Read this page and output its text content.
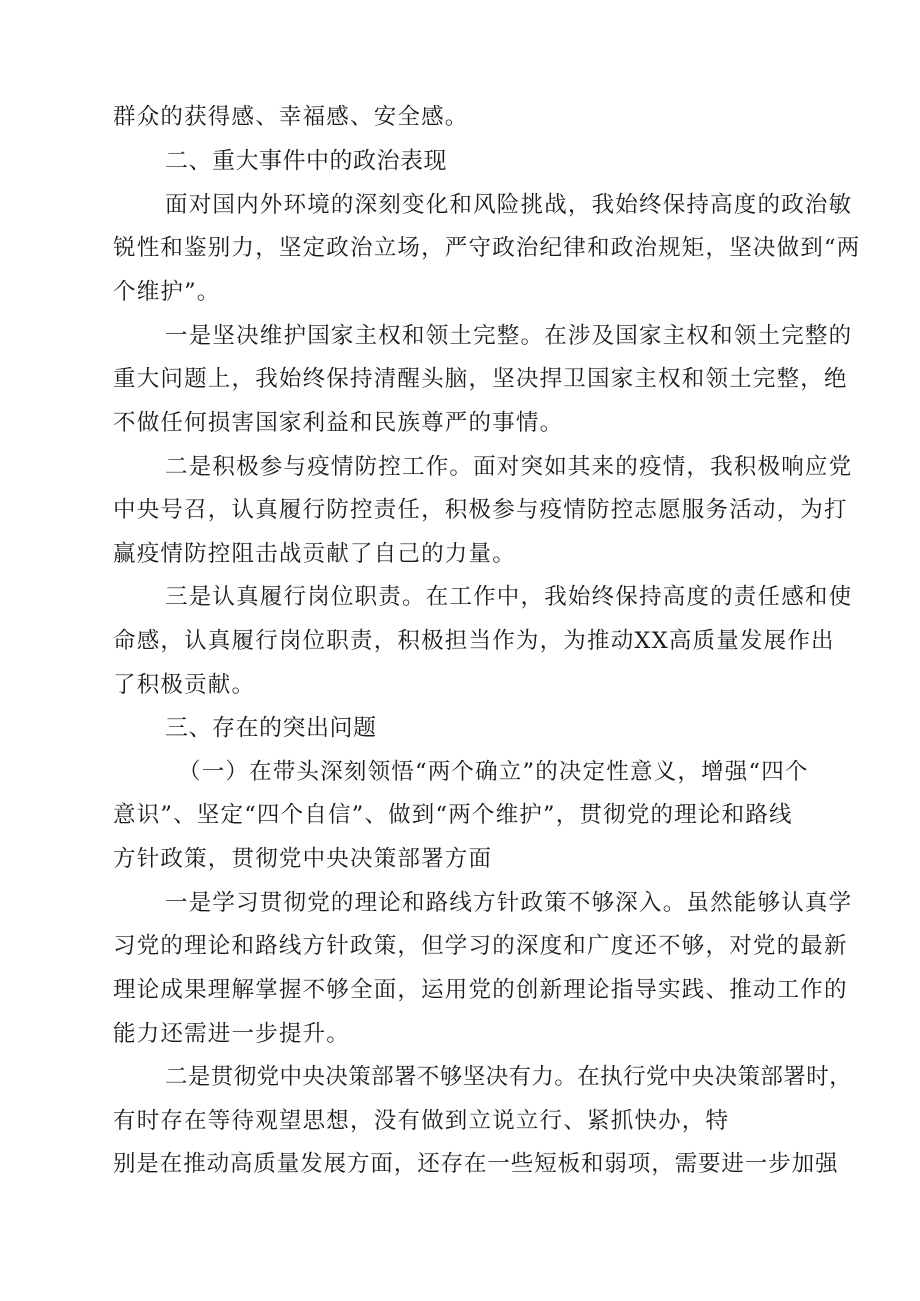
群众的获得感、幸福感、安全感。
二、重大事件中的政治表现
面对国内外环境的深刻变化和风险挑战，我始终保持高度的政治敏
锐性和鉴别力，坚定政治立场，严守政治纪律和政治规矩，坚决做到“两
个维护”。
一是坚决维护国家主权和领土完整。在涉及国家主权和领土完整的
重大问题上，我始终保持清醒头脑，坚决捍卫国家主权和领土完整，绝
不做任何损害国家利益和民族尊严的事情。
二是积极参与疫情防控工作。面对突如其来的疫情，我积极响应党
中央号召，认真履行防控责任，积极参与疫情防控志愿服务活动，为打
赢疫情防控阻击战贡献了自己的力量。
三是认真履行岗位职责。在工作中，我始终保持高度的责任感和使
命感，认真履行岗位职责，积极担当作为，为推动XX高质量发展作出
了积极贡献。
三、存在的突出问题
（一）在带头深刻领悟“两个确立”的决定性意义，增强“四个
意识”、坚定“四个自信”、做到“两个维护”，贯彻党的理论和路线
方针政策，贯彻党中央决策部署方面
一是学习贯彻党的理论和路线方针政策不够深入。虽然能够认真学
习党的理论和路线方针政策，但学习的深度和广度还不够，对党的最新
理论成果理解掌握不够全面，运用党的创新理论指导实践、推动工作的
能力还需进一步提升。
二是贯彻党中央决策部署不够坚决有力。在执行党中央决策部署时，
有时存在等待观望思想，没有做到立说立行、紧抓快办，特
别是在推动高质量发展方面，还存在一些短板和弱项，需要进一步加强
